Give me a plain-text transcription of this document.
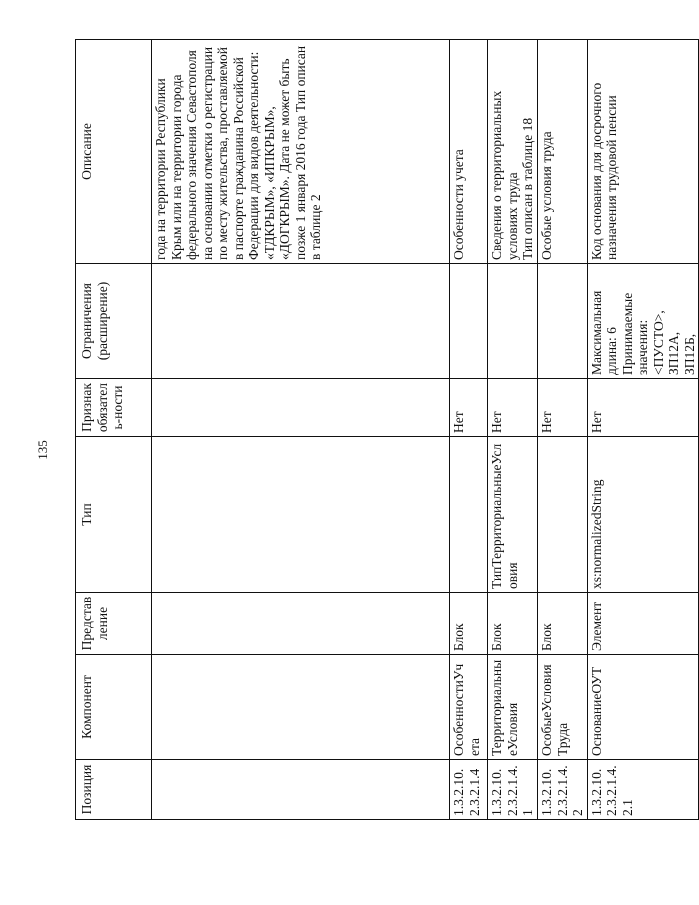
135
Позиция	Компонент	Представление	Тип	Признак обязатель-ности	Ограничения (расширение)	Описание
						года на территории Республики Крым или на территории города федерального значения Севастополя на основании отметки о регистрации по месту жительства, проставляемой в паспорте гражданина Российской Федерации для видов деятельности: «ТДКРЫМ», «ИПКРЫМ», «ДОГКРЫМ». Дата не может быть позже 1 января 2016 года Тип описан в таблице 2
1.3.2.10.2.3.2.1.4	ОсобенностиУчета	Блок		Нет		Особенности учета
1.3.2.10.2.3.2.1.4.1	ТерриториальныеУсловия	Блок	ТипТерриториальныеУсловия	Нет		Сведения о территориальных условиях труда
Тип описан в таблице 18
1.3.2.10.2.3.2.1.4.2	ОсобыеУсловияТруда	Блок		Нет		Особые условия труда
1.3.2.10.2.3.2.1.4.2.1	ОснованиеОУТ	Элемент	xs:normalizedString	Нет	Максимальная длина: 6
Принимаемые значения:
<ПУСТО>,
ЗП12А,
ЗП12Б,	Код основания для досрочного назначения трудовой пенсии
